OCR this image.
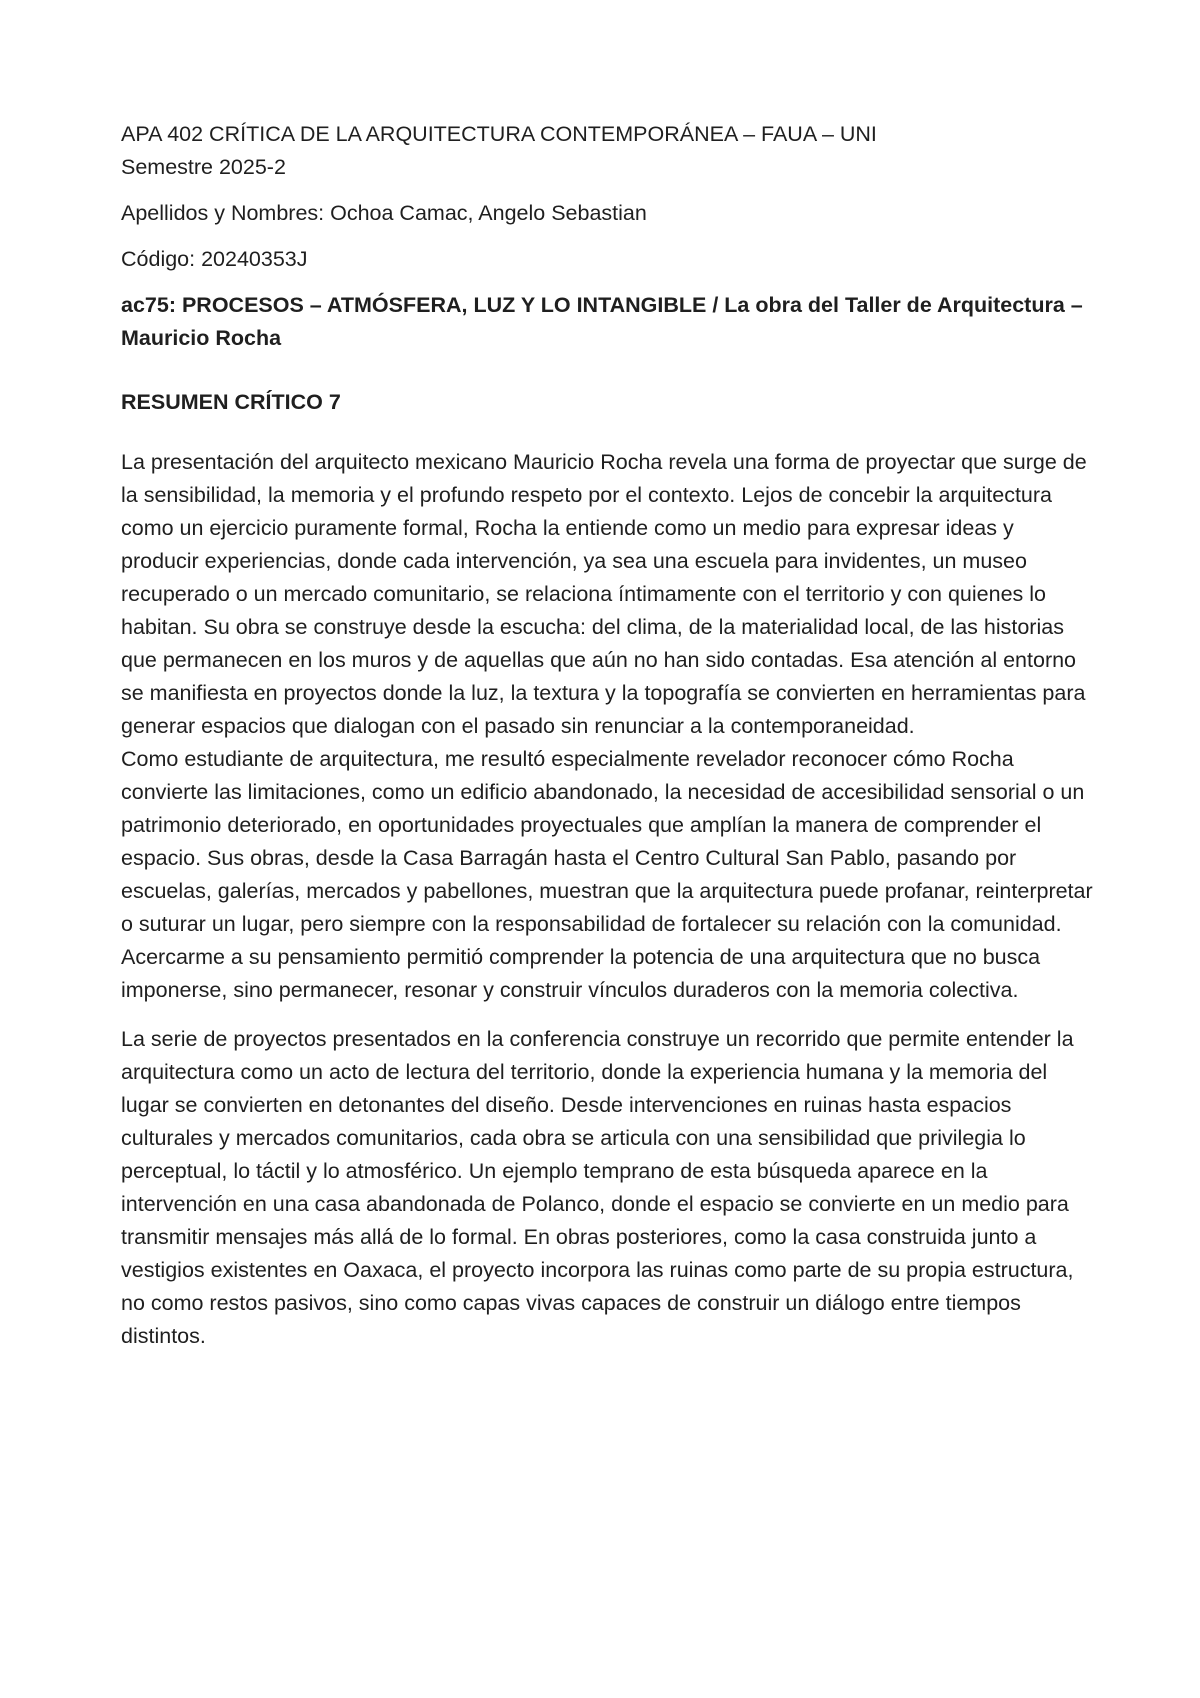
APA 402 CRÍTICA DE LA ARQUITECTURA CONTEMPORÁNEA – FAUA – UNI

Semestre 2025-2

Apellidos y Nombres: Ochoa Camac, Angelo Sebastian

Código: 20240353J

ac75: PROCESOS – ATMÓSFERA, LUZ Y LO INTANGIBLE / La obra del Taller de Arquitectura – Mauricio Rocha

RESUMEN CRÍTICO 7

La presentación del arquitecto mexicano Mauricio Rocha revela una forma de proyectar que surge de la sensibilidad, la memoria y el profundo respeto por el contexto. Lejos de concebir la arquitectura como un ejercicio puramente formal, Rocha la entiende como un medio para expresar ideas y producir experiencias, donde cada intervención, ya sea una escuela para invidentes, un museo recuperado o un mercado comunitario, se relaciona íntimamente con el territorio y con quienes lo habitan. Su obra se construye desde la escucha: del clima, de la materialidad local, de las historias que permanecen en los muros y de aquellas que aún no han sido contadas. Esa atención al entorno se manifiesta en proyectos donde la luz, la textura y la topografía se convierten en herramientas para generar espacios que dialogan con el pasado sin renunciar a la contemporaneidad.

Como estudiante de arquitectura, me resultó especialmente revelador reconocer cómo Rocha convierte las limitaciones, como un edificio abandonado, la necesidad de accesibilidad sensorial o un patrimonio deteriorado, en oportunidades proyectuales que amplían la manera de comprender el espacio. Sus obras, desde la Casa Barragán hasta el Centro Cultural San Pablo, pasando por escuelas, galerías, mercados y pabellones, muestran que la arquitectura puede profanar, reinterpretar o suturar un lugar, pero siempre con la responsabilidad de fortalecer su relación con la comunidad. Acercarme a su pensamiento permitió comprender la potencia de una arquitectura que no busca imponerse, sino permanecer, resonar y construir vínculos duraderos con la memoria colectiva.

La serie de proyectos presentados en la conferencia construye un recorrido que permite entender la arquitectura como un acto de lectura del territorio, donde la experiencia humana y la memoria del lugar se convierten en detonantes del diseño. Desde intervenciones en ruinas hasta espacios culturales y mercados comunitarios, cada obra se articula con una sensibilidad que privilegia lo perceptual, lo táctil y lo atmosférico. Un ejemplo temprano de esta búsqueda aparece en la intervención en una casa abandonada de Polanco, donde el espacio se convierte en un medio para transmitir mensajes más allá de lo formal. En obras posteriores, como la casa construida junto a vestigios existentes en Oaxaca, el proyecto incorpora las ruinas como parte de su propia estructura, no como restos pasivos, sino como capas vivas capaces de construir un diálogo entre tiempos distintos.
